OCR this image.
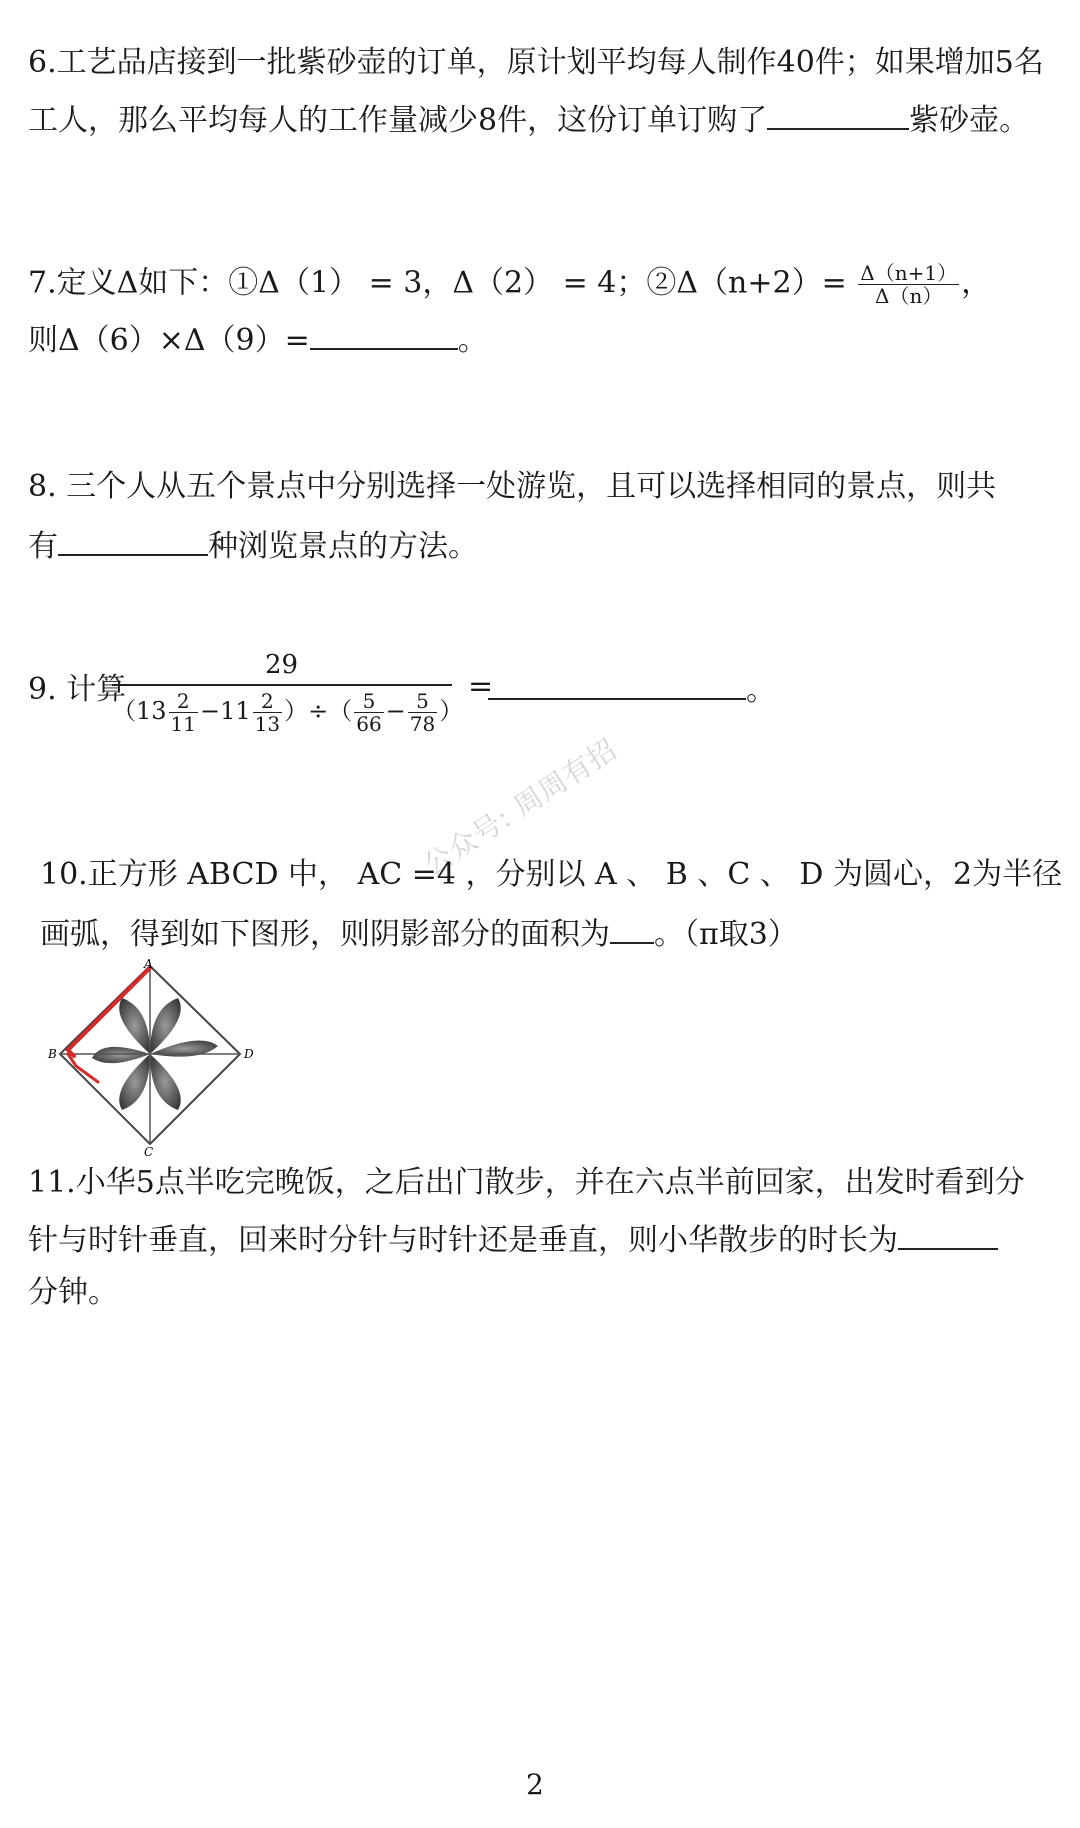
6.工艺品店接到一批紫砂壶的订单，原计划平均每人制作40件；如果增加5名
工人，那么平均每人的工作量减少8件，这份订单订购了	紫砂壶。
7.定义Δ如下：①Δ（1） = 3，Δ（2） = 4；②Δ（n+2）= $\frac{\Delta(n+1)}{\Delta(n)}$ ，
则Δ（6）×Δ（9）=	。
8. 三个人从五个景点中分别选择一处游览，且可以选择相同的景点，则共
有	种浏览景点的方法。
9. 计算
29
（$13 \frac{2}{11} -11 \frac{2}{13}$ ）÷（ $\frac{5}{66} - \frac{5}{78}$ ）
=	。
公众号: 周周有招
10.正方形 ABCD 中， AC =4 ，分别以 A 、 B 、C 、 D 为圆心，2为半径
画弧，得到如下图形，则阴影部分的面积为 。（π取3）
A
B
C
D
11.小华5点半吃完晚饭，之后出门散步，并在六点半前回家，出发时看到分
针与时针垂直，回来时分针与时针还是垂直，则小华散步的时长为
分钟。
2
